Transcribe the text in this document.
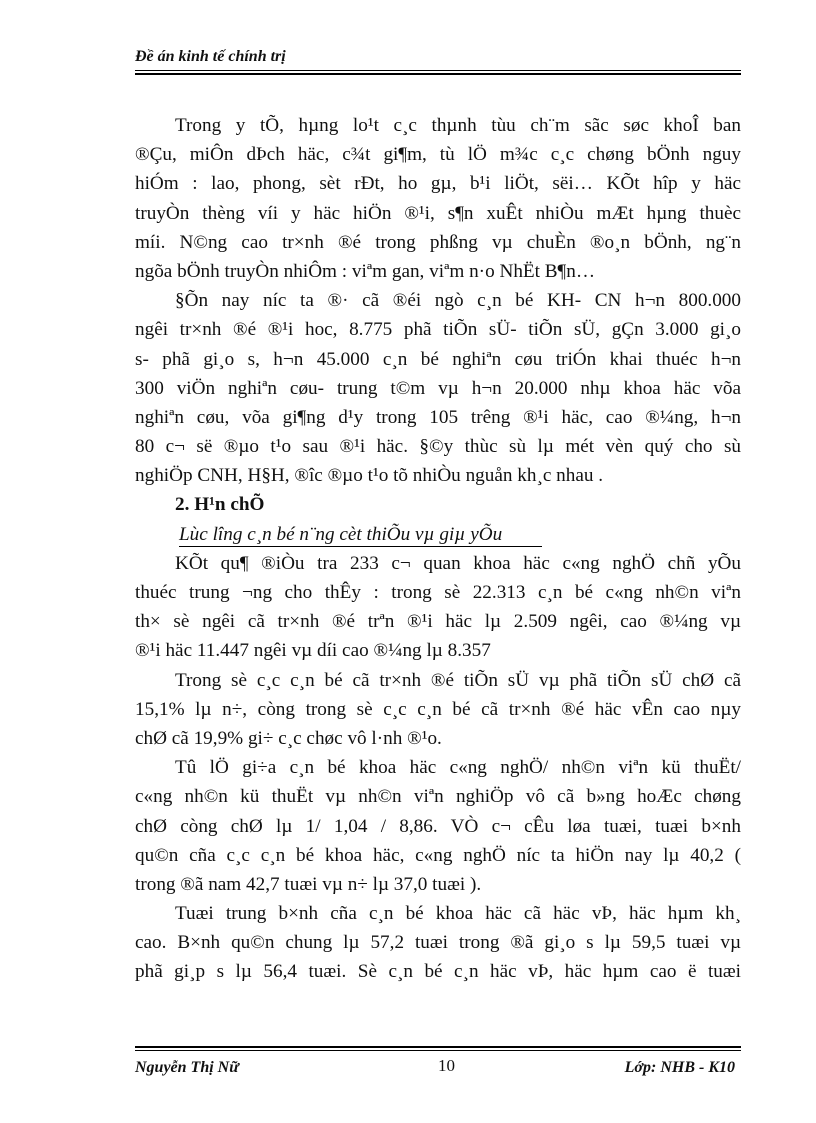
Đề án kinh tế chính trị
Trong y tÕ, hµng lo¹t c¸c thµnh tùu ch¨m sãc søc khoÎ ban
®Çu, miÔn dÞch häc, c¾t gi¶m, tù lÖ m¾c c¸c chøng bÖnh nguy
hiÓm : lao, phong, sèt rÐt, ho gµ, b¹i liÖt, sëi… KÕt hîp y häc
truyÒn thèng víi y häc hiÖn ®¹i, s¶n xuÊt nhiÒu mÆt hµng thuèc
míi. N©ng cao tr×nh ®é trong phßng vµ chuÈn ®o¸n bÖnh, ng¨n
ngõa bÖnh truyÒn nhiÔm : viªm gan, viªm n·o NhËt B¶n…
§Õn nay níc ta ®· cã ®éi ngò c¸n bé KH- CN h¬n 800.000
ngêi tr×nh ®é ®¹i hoc, 8.775 phã tiÕn sÜ- tiÕn sÜ, gÇn 3.000 gi¸o
s- phã gi¸o s, h¬n 45.000 c¸n bé nghiªn cøu triÓn khai thuéc h¬n
300 viÖn nghiªn cøu- trung t©m vµ h¬n 20.000 nhµ khoa häc võa
nghiªn cøu, võa gi¶ng d¹y trong 105 trêng ®¹i häc, cao ®¼ng, h¬n
80 c¬ së ®µo t¹o sau ®¹i häc. §©y thùc sù lµ mét vèn quý cho sù
nghiÖp CNH, H§H, ®îc ®µo t¹o tõ nhiÒu nguån kh¸c nhau .
2. H¹n chÕ
Lùc lîng c¸n bé n¨ng cèt thiÕu vµ giµ yÕu
KÕt qu¶ ®iÒu tra 233 c¬ quan khoa häc c«ng nghÖ chñ yÕu
thuéc trung ¬ng cho thÊy : trong sè 22.313 c¸n bé c«ng nh©n viªn
th× sè ngêi cã tr×nh ®é trªn ®¹i häc lµ 2.509 ngêi, cao ®¼ng vµ
®¹i häc 11.447 ngêi vµ díi cao ®¼ng lµ 8.357
Trong sè c¸c c¸n bé cã tr×nh ®é tiÕn sÜ vµ phã tiÕn sÜ chØ cã
15,1% lµ n÷, còng trong sè c¸c c¸n bé cã tr×nh ®é häc vÊn cao nµy
chØ cã 19,9% gi÷ c¸c chøc vô l·nh ®¹o.
Tû lÖ gi÷a c¸n bé khoa häc c«ng nghÖ/ nh©n viªn kü thuËt/
c«ng nh©n kü thuËt vµ nh©n viªn nghiÖp vô cã b»ng hoÆc chøng
chØ còng chØ lµ 1/ 1,04 / 8,86. VÒ c¬ cÊu løa tuæi, tuæi b×nh
qu©n cña c¸c c¸n bé khoa häc, c«ng nghÖ níc ta hiÖn nay lµ 40,2 (
trong ®ã nam 42,7 tuæi vµ n÷ lµ 37,0 tuæi ).
Tuæi trung b×nh cña c¸n bé khoa häc cã häc vÞ, häc hµm kh¸
cao. B×nh qu©n chung lµ 57,2 tuæi trong ®ã gi¸o s lµ 59,5 tuæi vµ
phã gi¸p s lµ 56,4 tuæi. Sè c¸n bé c¸n häc vÞ, häc hµm cao ë tuæi
Nguyễn Thị Nữ	10	Lớp: NHB - K10
